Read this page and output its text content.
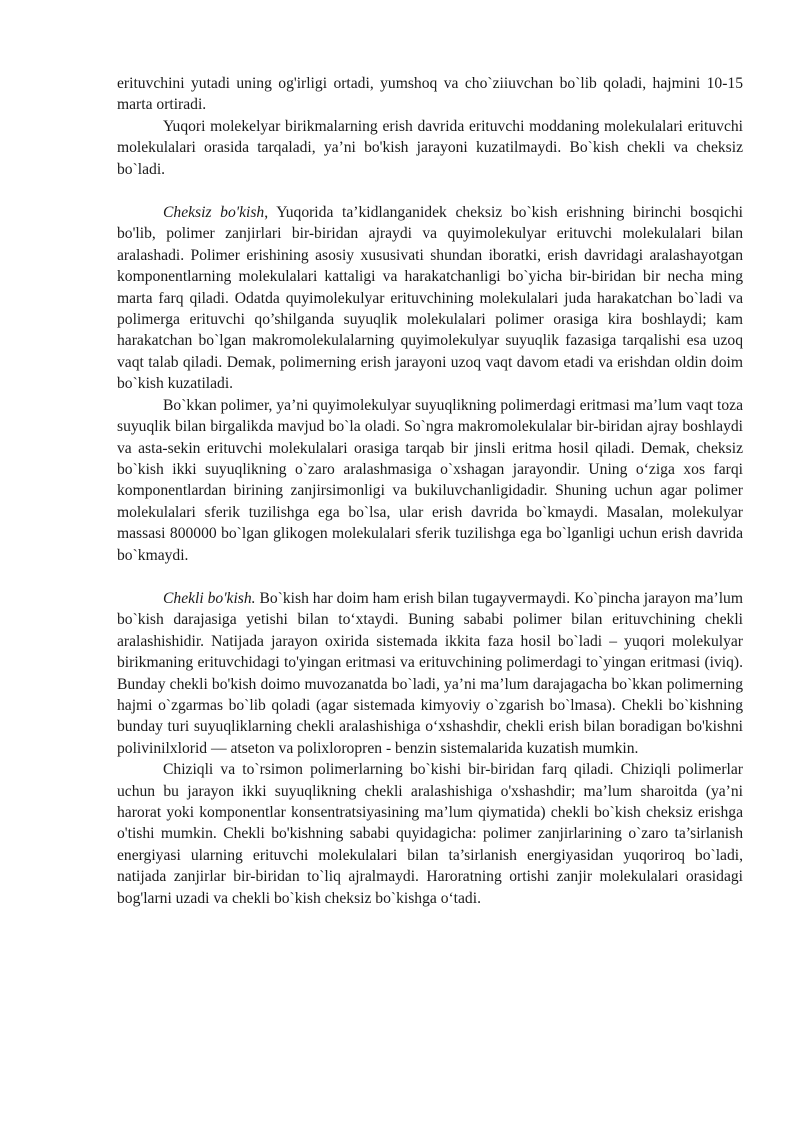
erituvchini yutadi uning og'irligi ortadi, yumshoq va cho`ziiuvchan bo`lib qoladi, hajmini 10-15 marta ortiradi.

Yuqori molekelyar birikmalarning erish davrida erituvchi moddaning molekulalari erituvchi molekulalari orasida tarqaladi, ya’ni bo'kish jarayoni kuzatilmaydi. Bo`kish chekli va cheksiz bo`ladi.

Cheksiz bo'kish, Yuqorida ta’kidlanganidek cheksiz bo`kish erishning birinchi bosqichi bo'lib, polimer zanjirlari bir-biridan ajraydi va quyimolekulyar erituvchi molekulalari bilan aralashadi. Polimer erishining asosiy xususivati shundan iboratki, erish davridagi aralashayotgan komponentlarning molekulalari kattaligi va harakatchanligi bo`yicha bir-biridan bir necha ming marta farq qiladi. Odatda quyimolekulyar erituvchining molekulalari juda harakatchan bo`ladi va polimerga erituvchi qo’shilganda suyuqlik molekulalari polimer orasiga kira boshlaydi; kam harakatchan bo`lgan makromolekulalarning quyimolekulyar suyuqlik fazasiga tarqalishi esa uzoq vaqt talab qiladi. Demak, polimerning erish jarayoni uzoq vaqt davom etadi va erishdan oldin doim bo`kish kuzatiladi.

Bo`kkan polimer, ya’ni quyimolekulyar suyuqlikning polimerdagi eritmasi ma’lum vaqt toza suyuqlik bilan birgalikda mavjud bo`la oladi. So`ngra makromolekulalar bir-biridan ajray boshlaydi va asta-sekin erituvchi molekulalari orasiga tarqab bir jinsli eritma hosil qiladi. Demak, cheksiz bo`kish ikki suyuqlikning o`zaro aralashmasiga o`xshagan jarayondir. Uning o‘ziga xos farqi komponentlardan birining zanjirsimonligi va bukiluvchanligidadir. Shuning uchun agar polimer molekulalari sferik tuzilishga ega bo`lsa, ular erish davrida bo`kmaydi. Masalan, molekulyar massasi 800000 bo`lgan glikogen molekulalari sferik tuzilishga ega bo`lganligi uchun erish davrida bo`kmaydi.

Chekli bo'kish. Bo`kish har doim ham erish bilan tugayvermaydi. Ko`pincha jarayon ma’lum bo`kish darajasiga yetishi bilan to‘xtaydi. Buning sababi polimer bilan erituvchining chekli aralashishidir. Natijada jarayon oxirida sistemada ikkita faza hosil bo`ladi – yuqori molekulyar birikmaning erituvchidagi to'yingan eritmasi va erituvchining polimerdagi to`yingan eritmasi (iviq). Bunday chekli bo'kish doimo muvozanatda bo`ladi, ya’ni ma’lum darajagacha bo`kkan polimerning hajmi o`zgarmas bo`lib qoladi (agar sistemada kimyoviy o`zgarish bo`lmasa). Chekli bo`kishning bunday turi suyuqliklarning chekli aralashishiga o‘xshashdir, chekli erish bilan boradigan bo'kishni polivinilxlorid — atseton va polixloropren - benzin sistemalarida kuzatish mumkin.

Chiziqli va to`rsimon polimerlarning bo`kishi bir-biridan farq qiladi. Chiziqli polimerlar uchun bu jarayon ikki suyuqlikning chekli aralashishiga o'xshashdir; ma’lum sharoitda (ya’ni harorat yoki komponentlar konsentratsiyasining ma’lum qiymatida) chekli bo`kish cheksiz erishga o'tishi mumkin. Chekli bo'kishning sababi quyidagicha: polimer zanjirlarining o`zaro ta’sirlanish energiyasi ularning erituvchi molekulalari bilan ta’sirlanish energiyasidan yuqoriroq bo`ladi, natijada zanjirlar bir-biridan to`liq ajralmaydi. Haroratning ortishi zanjir molekulalari orasidagi bog'larni uzadi va chekli bo`kish cheksiz bo`kishga o‘tadi.
